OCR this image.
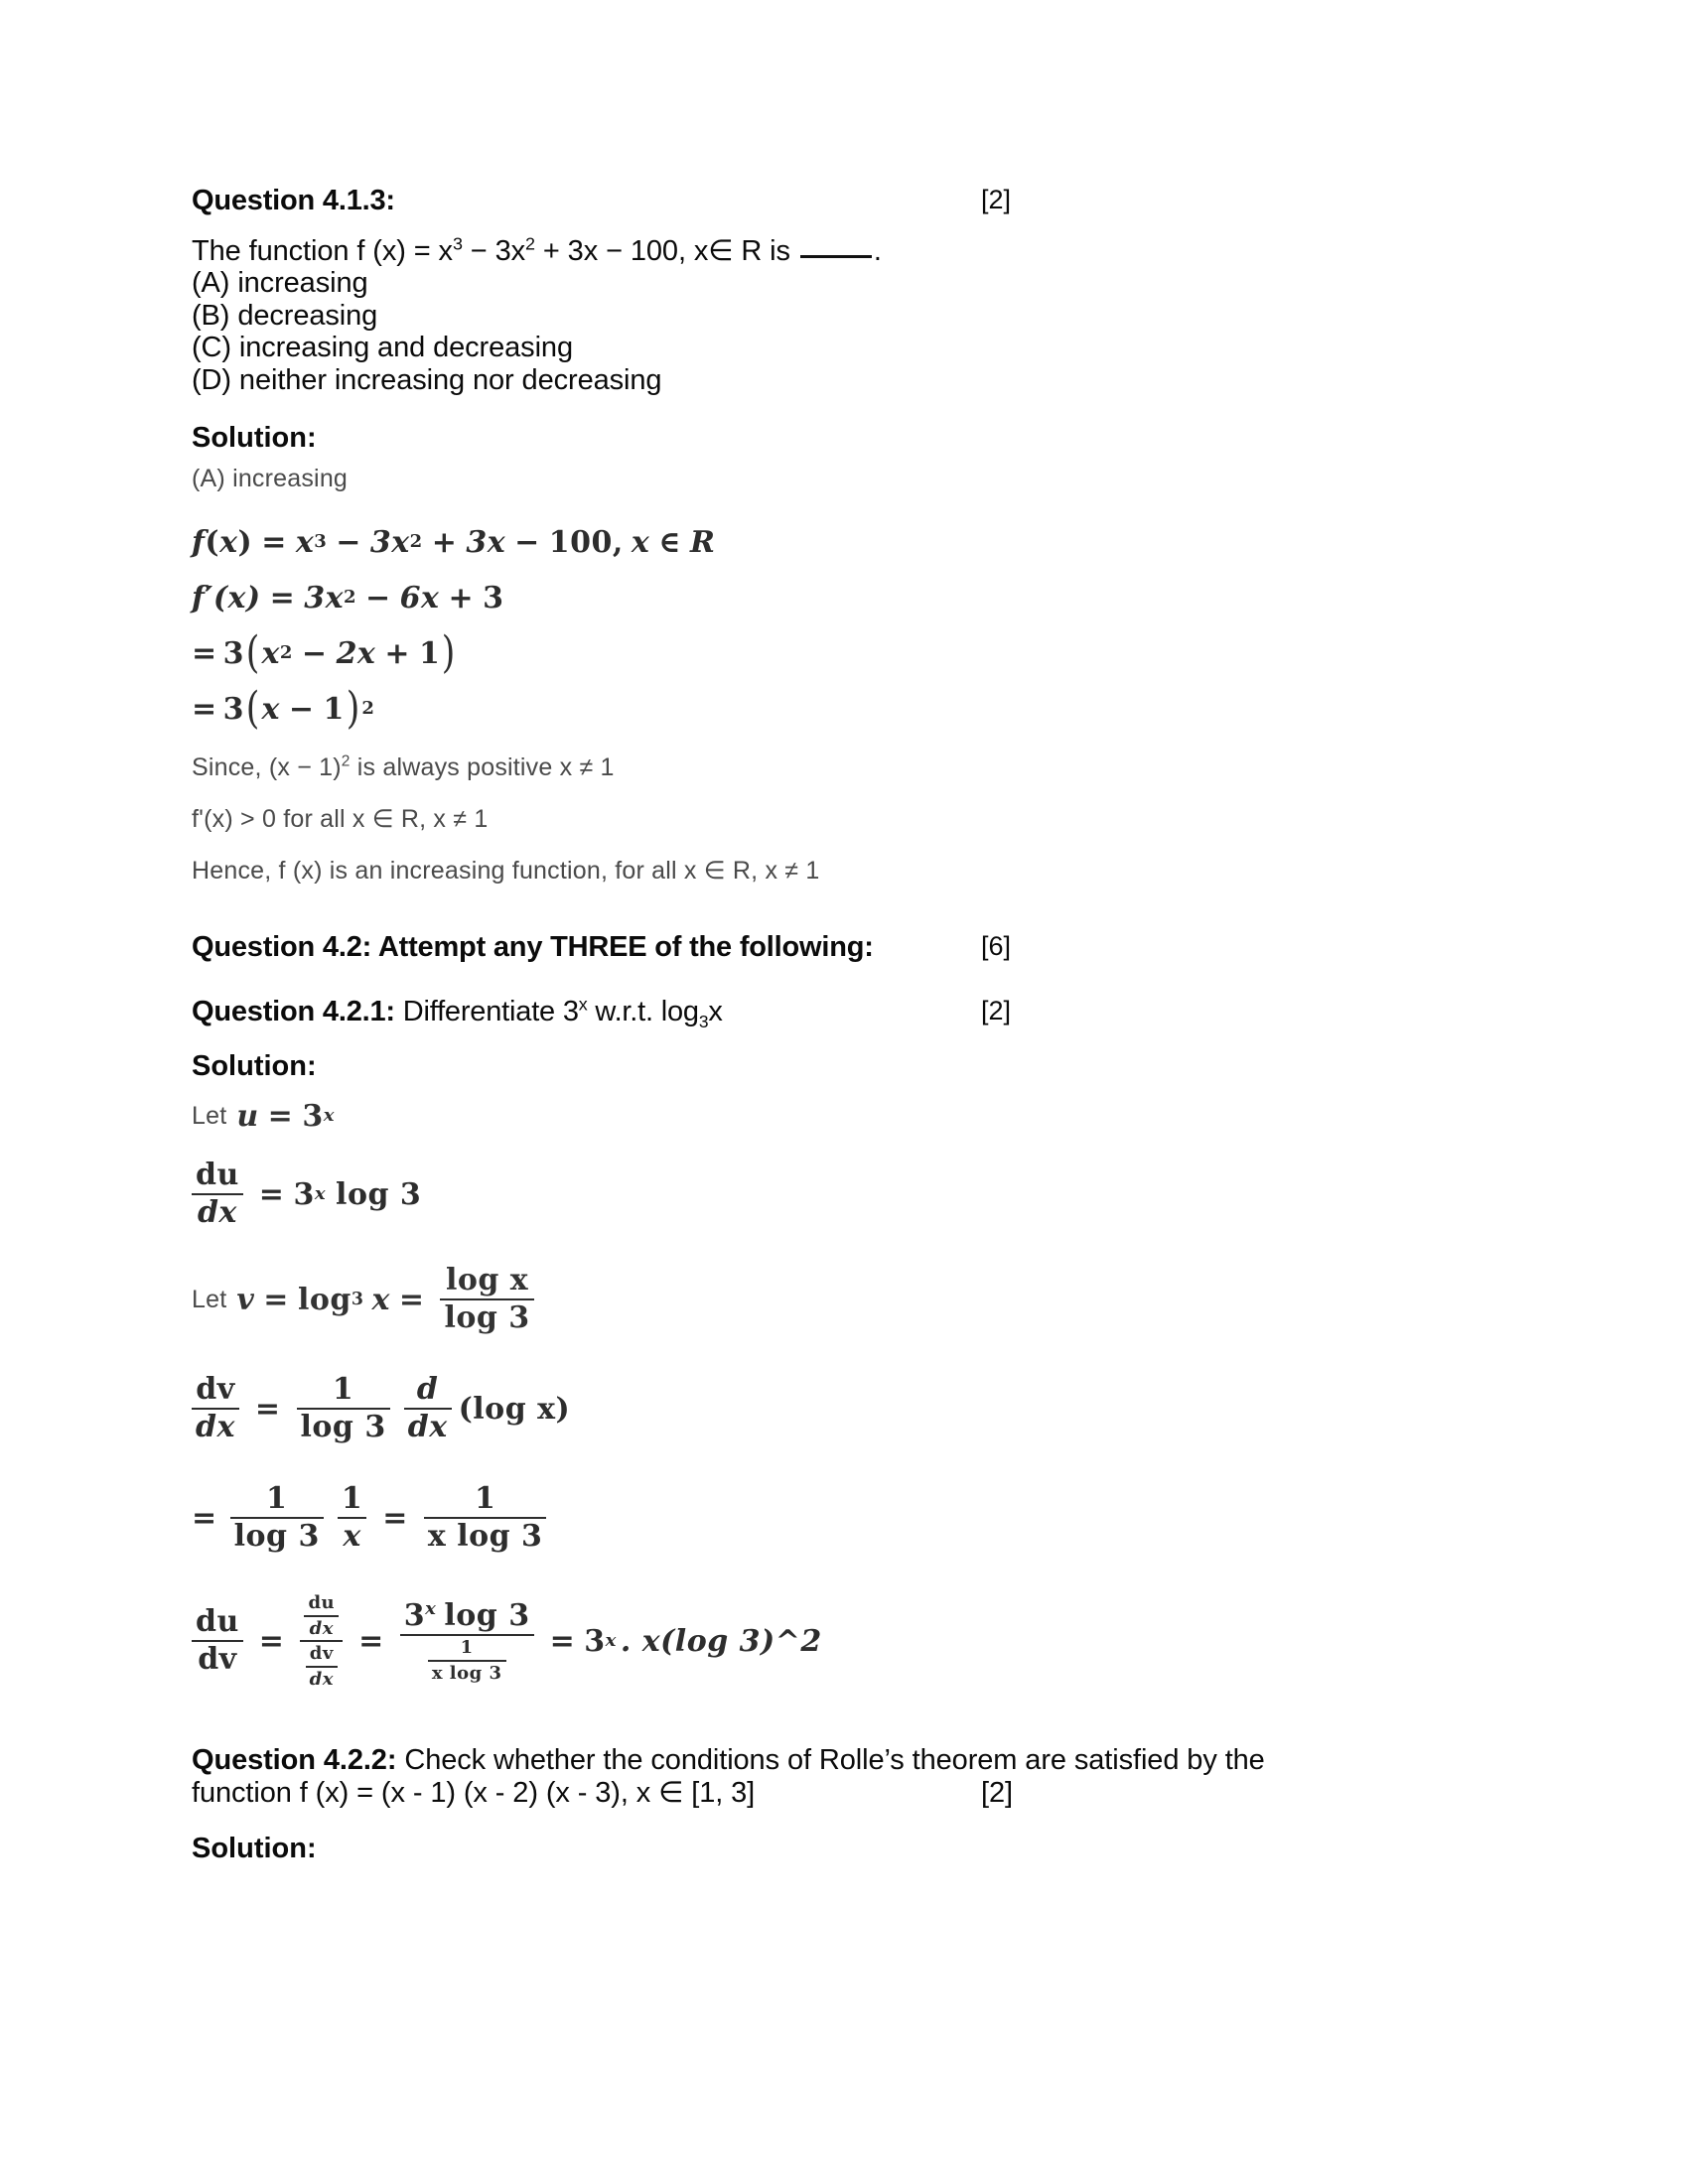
Question 4.1.3:	[2]
The function f $(x) = x^3 - 3x^2 + 3x - 100$, x∈ R is	.
(A) increasing
(B) decreasing
(C) increasing and decreasing
(D) neither increasing nor decreasing
Solution:
(A) increasing
f ( x ) = x 3 − 3x 2 + 3x − 100, x ∈ R
f′(x) = 3x 2 − 6x + 3
= 3 ( x 2 − 2x + 1 )
= 3 ( x − 1 ) 2
Since, $(x - 1)^2$ is always positive x ≠ 1
f'(x) > 0 for all x ∈ R, x ≠ 1
Hence, f (x) is an increasing function, for all x ∈ R, x ≠ 1
Question 4.2: Attempt any THREE of the following:	[6]
Question 4.2.1: Differentiate 3$^x$ w.r.t. $\log_3x$	[2]
Solution:
Let u = 3 x
$\frac{du}{dx} = 3$ x log 3
Let v = log 3 $x = \frac{\text{log x}}{\log 3}$
$\frac{dv}{dx} = \frac{1}{\log 3} \frac{d}{dx} (\log$ x)
= $\frac{1}{\log 3} \frac{1}{x} = \frac{1}{\text{x log 3}}$
$\frac{du}{dv} = \frac{\frac{du}{dx}}{\frac{dv}{dx}} = \frac{3^x \log 3}{\frac{1}{\text{x log 3}}} = 3$ x . x(log 3)^2
Question 4.2.2: Check whether the conditions of Rolle’s theorem are satisfied by the
function f (x) = (x - 1) (x - 2) (x - 3), x ∈ [1, 3]	[2]
Solution:
